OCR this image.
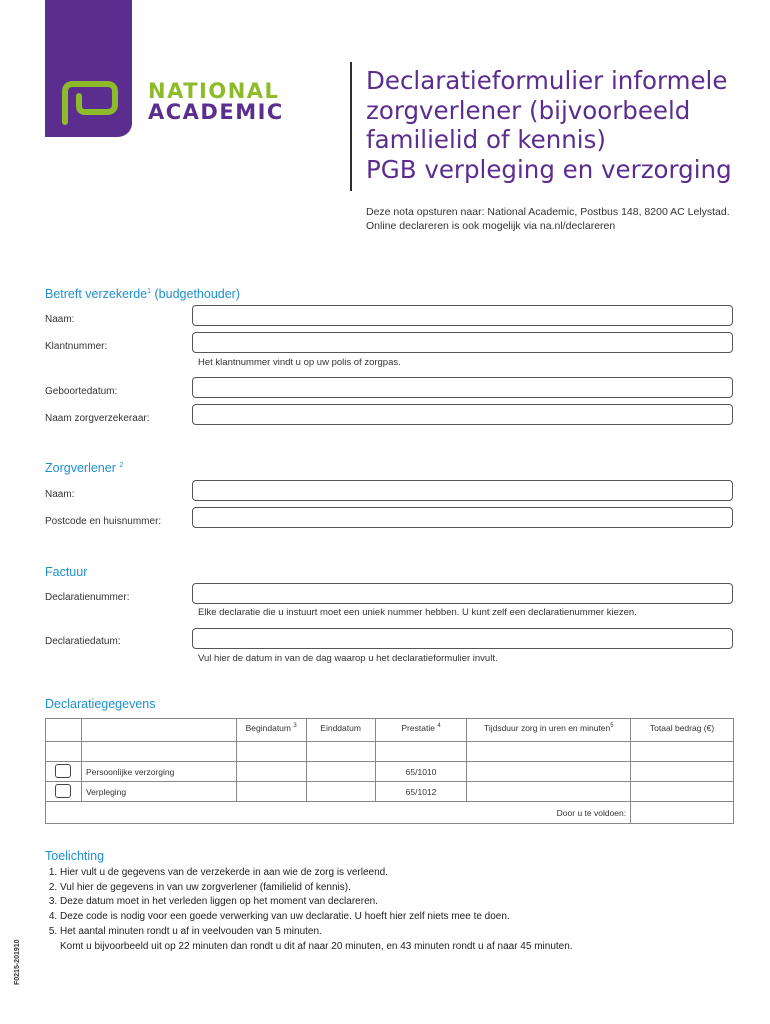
NATIONAL
ACADEMIC
Declaratieformulier informele
zorgverlener (bijvoorbeeld
familielid of kennis)
PGB verpleging en verzorging
Deze nota opsturen naar: National Academic, Postbus 148, 8200 AC Lelystad.
Online declareren is ook mogelijk via na.nl/declareren
Betreft verzekerde$^1$ (budgethouder)
Naam:
Klantnummer:
Het klantnummer vindt u op uw polis of zorgpas.
Geboortedatum:
Naam zorgverzekeraar:
Zorgverlener $^2$
Naam:
Postcode en huisnummer:
Factuur
Declaratienummer:
Elke declaratie die u instuurt moet een uniek nummer hebben. U kunt zelf een declaratienummer kiezen.
Declaratiedatum:
Vul hier de datum in van de dag waarop u het declaratieformulier invult.
Declaratiegegevens
		Begindatum $^3$	Einddatum	Prestatie $^4$	Tijdsduur zorg in uren en minuten$^5$	Totaal bedrag (€)

	Persoonlijke verzorging			65/1010		
	Verpleging			65/1012		
Door u te voldoen:						
Toelichting
1. Hier vult u de gegevens van de verzekerde in aan wie de zorg is verleend.
2. Vul hier de gegevens in van uw zorgverlener (familielid of kennis).
3. Deze datum moet in het verleden liggen op het moment van declareren.
4. Deze code is nodig voor een goede verwerking van uw declaratie. U hoeft hier zelf niets mee te doen.
5. Het aantal minuten rondt u af in veelvouden van 5 minuten.
Komt u bijvoorbeeld uit op 22 minuten dan rondt u dit af naar 20 minuten, en 43 minuten rondt u af naar 45 minuten.
F0215-201910
